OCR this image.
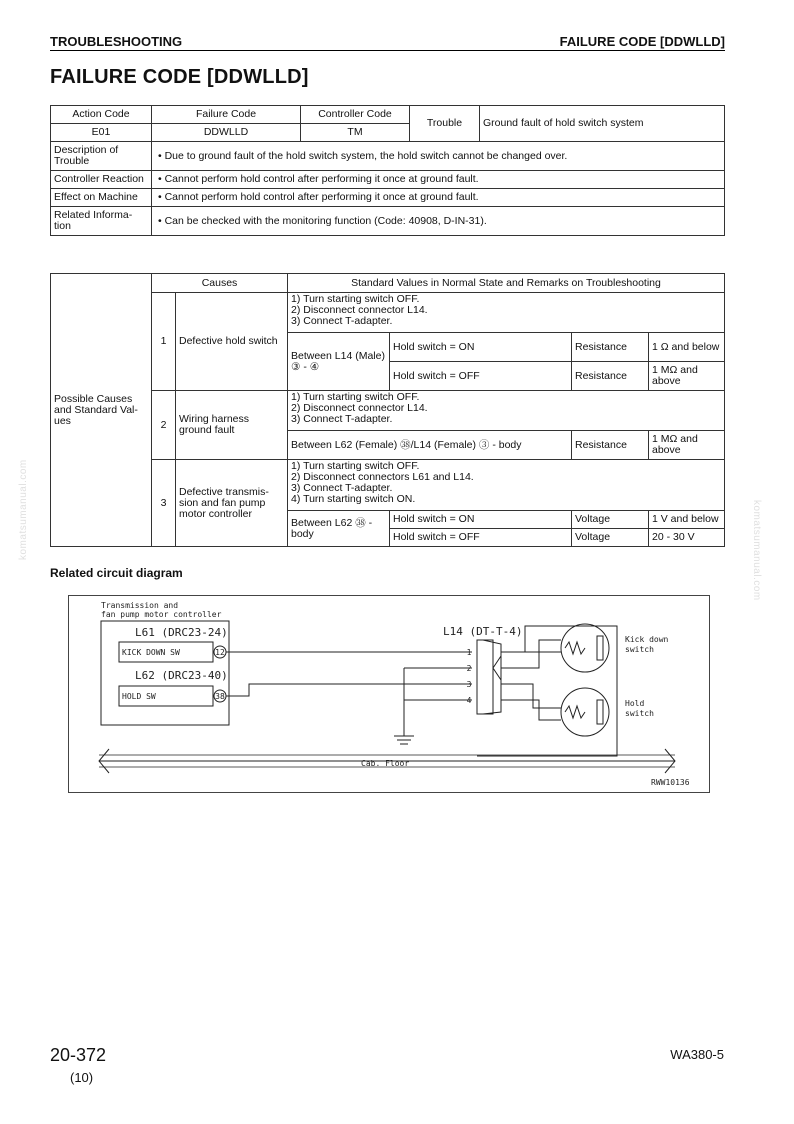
TROUBLESHOOTING	FAILURE CODE [DDWLLD]
FAILURE CODE [DDWLLD]
Action Code	Failure Code	Controller Code	Trouble	Ground fault of hold switch system
E01	DDWLLD	TM		
Description of Trouble	• Due to ground fault of the hold switch system, the hold switch cannot be changed over.			
Controller Reaction	• Cannot perform hold control after performing it once at ground fault.			
Effect on Machine	• Cannot perform hold control after performing it once at ground fault.			
Related Informa-tion	• Can be checked with the monitoring function (Code: 40908, D-IN-31).			
Possible Causes and Standard Val-ues	Causes		Standard Values in Normal State and Remarks on Troubleshooting			
	1	Defective hold switch	1) Turn starting switch OFF.
2) Disconnect connector L14.
3) Connect T-adapter.			
			Between L14 (Male) ③ - ④	Hold switch = ON	Resistance	1 Ω and below
				Hold switch = OFF	Resistance	1 MΩ and above
	2	Wiring harness ground fault	1) Turn starting switch OFF.
2) Disconnect connector L14.
3) Connect T-adapter.			
			Between L62 (Female) ㊳/L14 (Female) ③ - body		Resistance	1 MΩ and above
	3	Defective transmis-sion and fan pump motor controller	1) Turn starting switch OFF.
2) Disconnect connectors L61 and L14.
3) Connect T-adapter.
4) Turn starting switch ON.			
			Between L62 ㊳ - body	Hold switch = ON	Voltage	1 V and below
				Hold switch = OFF	Voltage	20 - 30 V
Related circuit diagram
Transmission and
fan pump motor controller
L61 (DRC23-24)
L62 (DRC23-40)
KICK DOWN SW
HOLD SW
L14 (DT-T-4)
Kick down
switch
Hold
switch
Cab. Floor
RWW10136
12
38
1
2
3
4
komatsumanual.com	komatsumanual.com
20-372
(10)
WA380-5
